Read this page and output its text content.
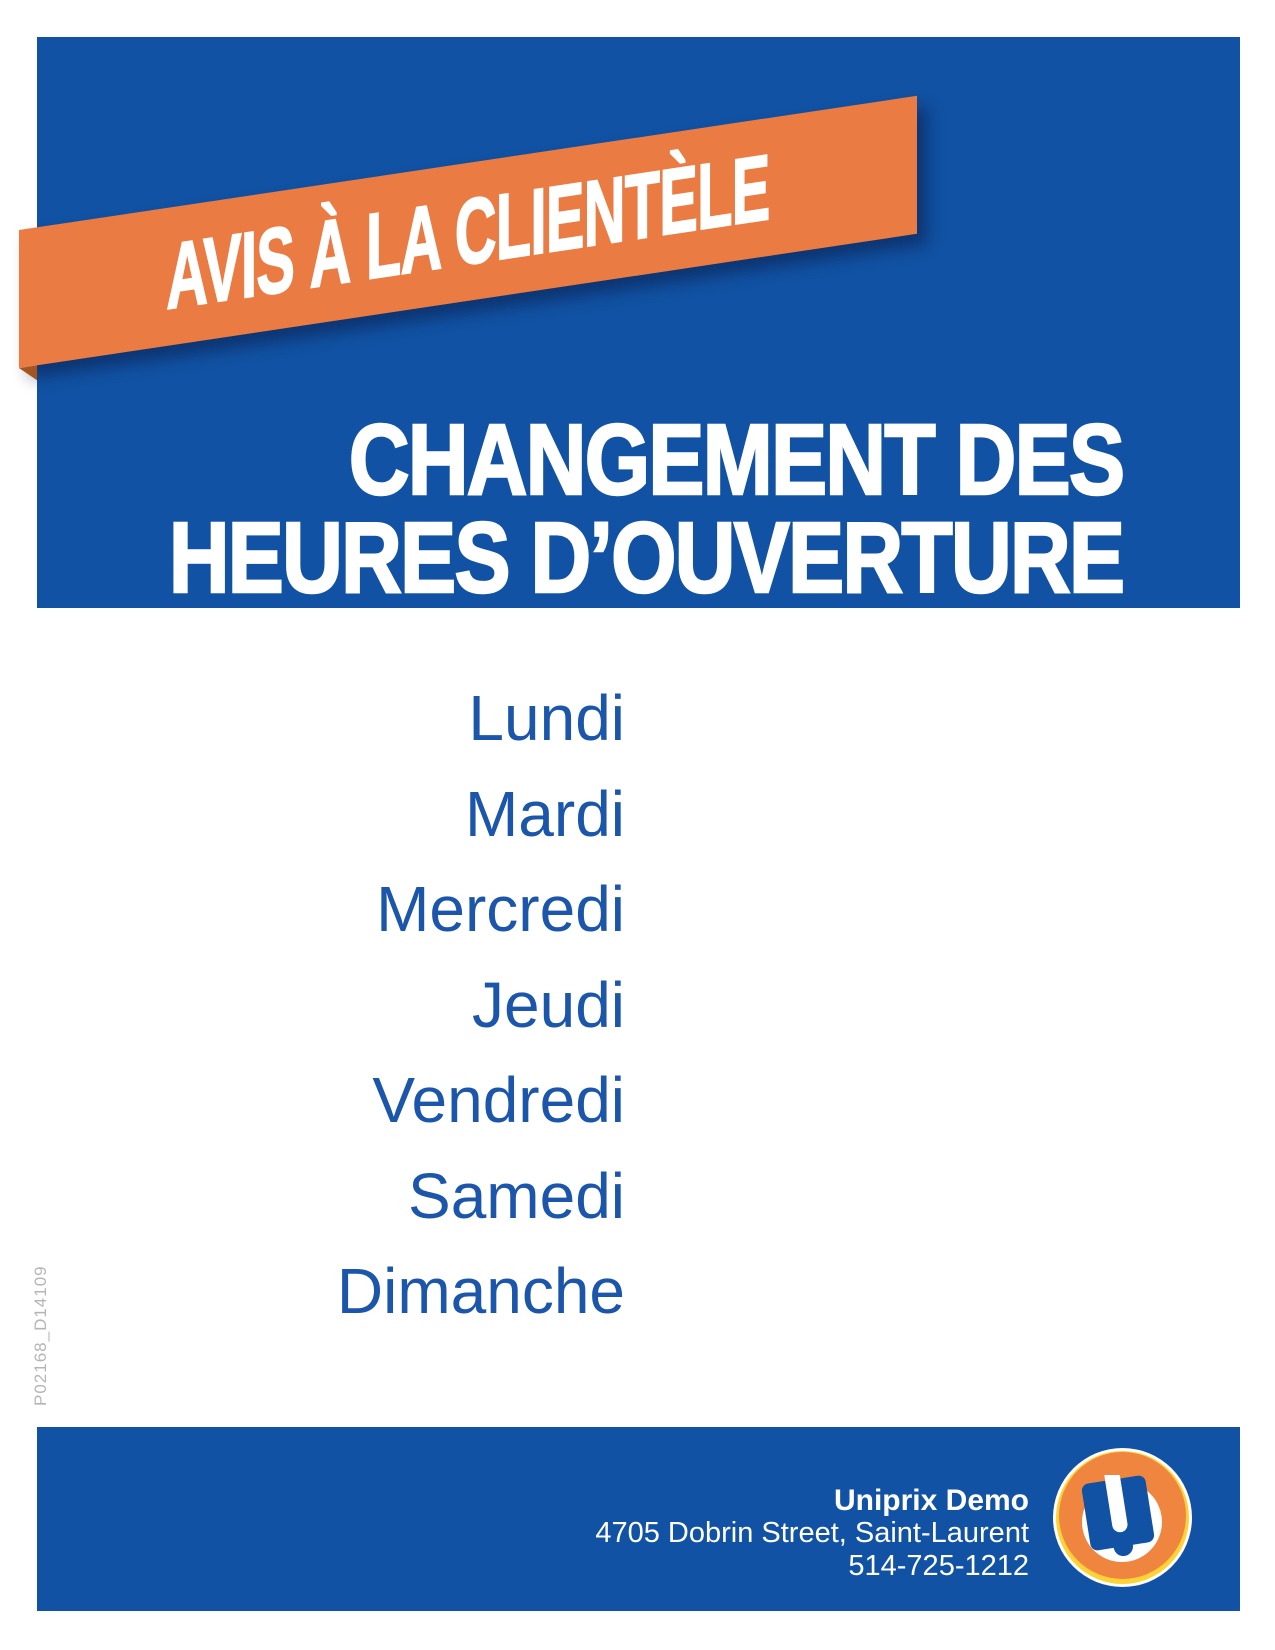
CHANGEMENT DES
HEURES D’OUVERTURE
AVIS À LA CLIENTÈLE
Lundi
Mardi
Mercredi
Jeudi
Vendredi
Samedi
Dimanche
P02168_D14109
Uniprix Demo
4705 Dobrin Street, Saint-Laurent
514-725-1212
